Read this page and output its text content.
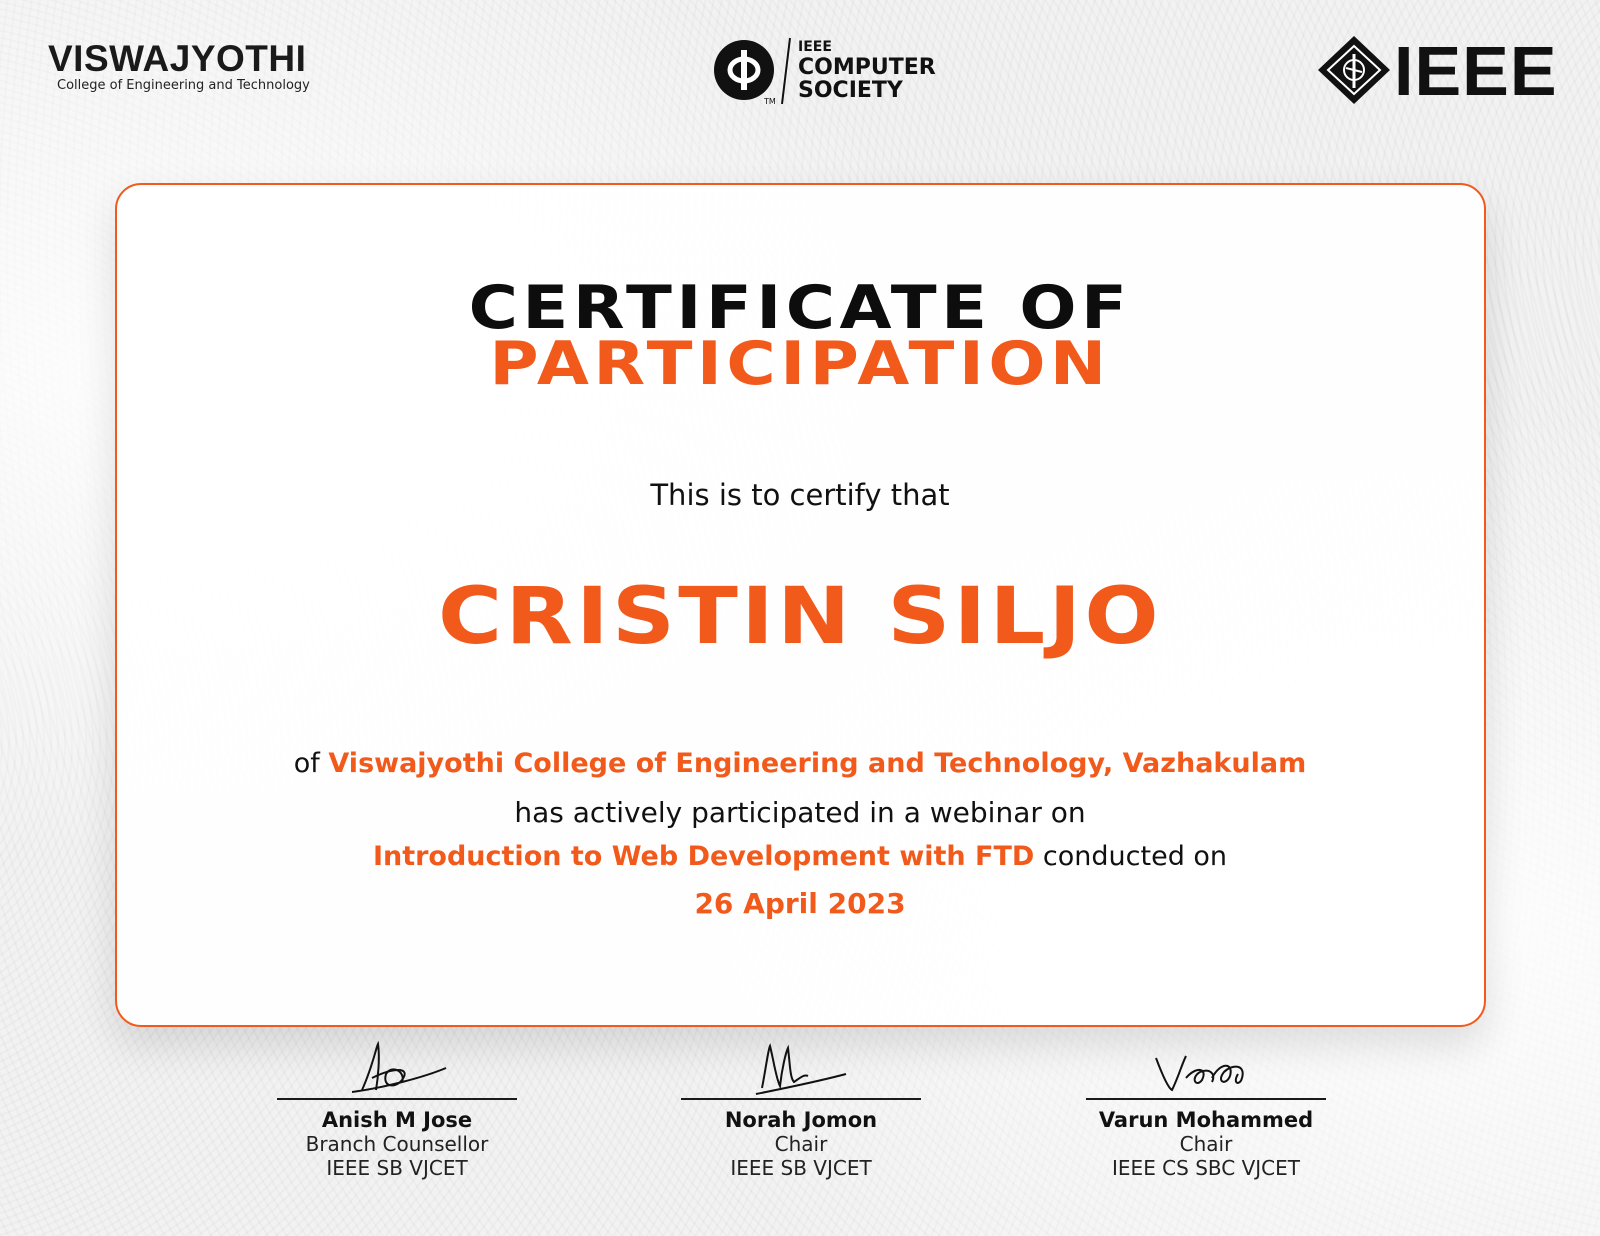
VISWAJYOTHI
College of Engineering and Technology
TM
IEEE
COMPUTER
SOCIETY	IEEE
CERTIFICATE OF
PARTICIPATION
This is to certify that
CRISTIN SILJO
of Viswajyothi College of Engineering and Technology, Vazhakulam
has actively participated in a webinar on
Introduction to Web Development with FTD conducted on
26 April 2023
Anish M Jose
Branch Counsellor
IEEE SB VJCET
Norah Jomon
Chair
IEEE SB VJCET
Varun Mohammed
Chair
IEEE CS SBC VJCET
